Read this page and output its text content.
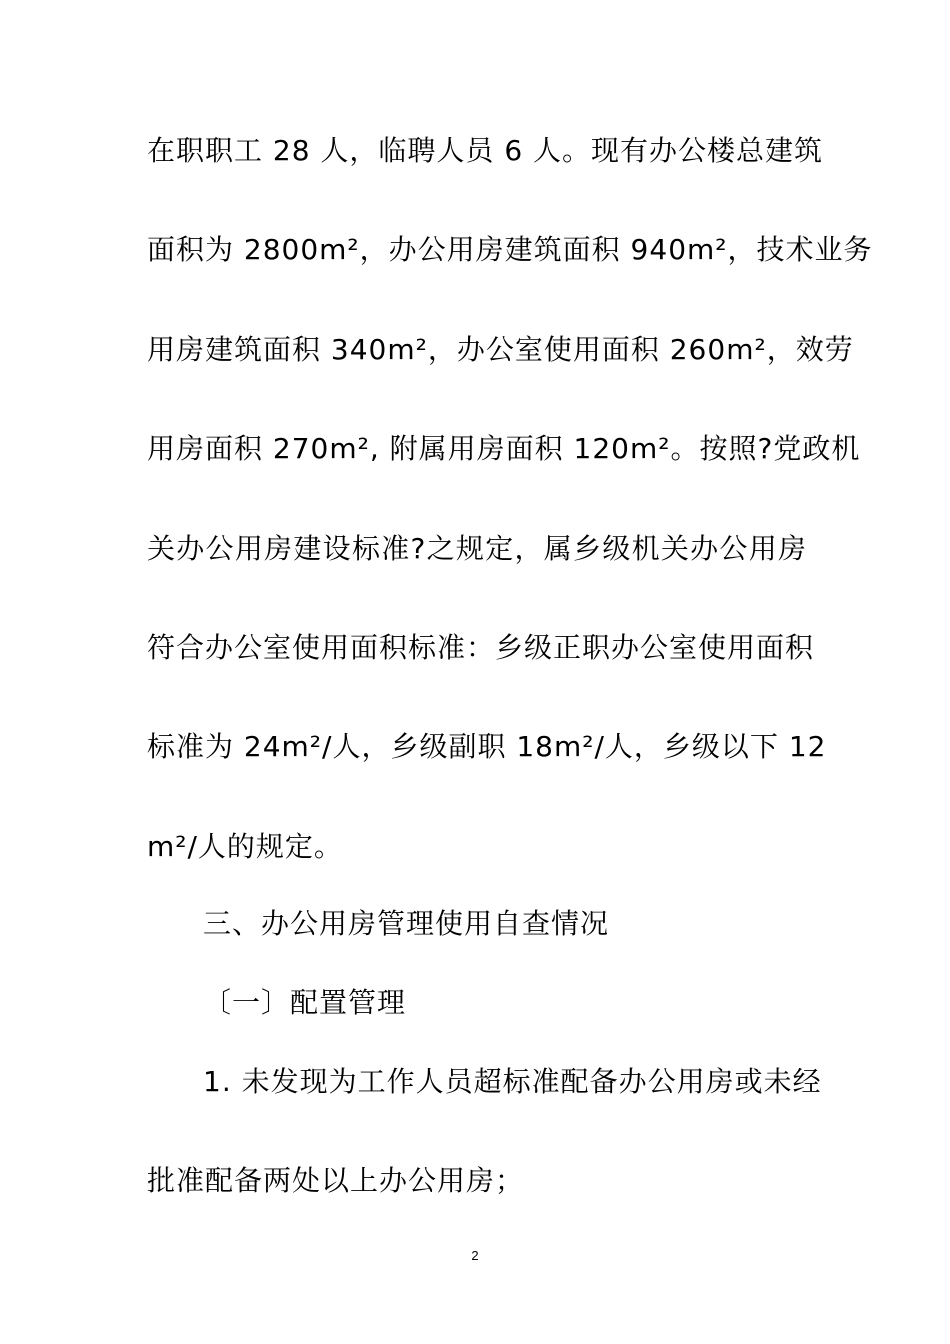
在职职工 28 人，临聘人员 6 人。现有办公楼总建筑
面积为 2800m²，办公用房建筑面积 940m²，技术业务
用房建筑面积 340m²，办公室使用面积 260m²，效劳
用房面积 270m², 附属用房面积 120m²。按照?党政机
关办公用房建设标准?之规定，属乡级机关办公用房
符合办公室使用面积标准：乡级正职办公室使用面积
标准为 24m²/人，乡级副职 18m²/人，乡级以下 12
m²/人的规定。
三、办公用房管理使用自查情况
〔一〕配置管理
1. 未发现为工作人员超标准配备办公用房或未经
批准配备两处以上办公用房；
2
